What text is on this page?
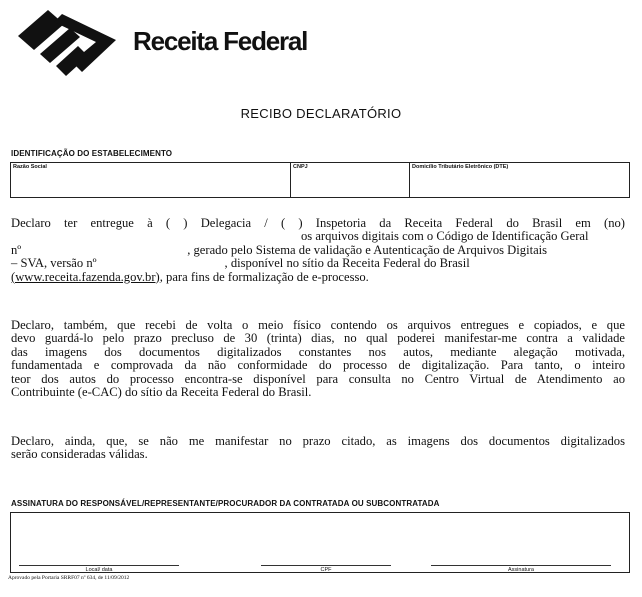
Receita Federal
RECIBO DECLARATÓRIO
IDENTIFICAÇÃO DO ESTABELECIMENTO
Razão Social	CNPJ	Domicílio Tributário Eletrônico (DTE)
Declaro ter entregue à ( ) Delegacia / ( ) Inspetoria da Receita Federal do Brasil em (no)
os arquivos digitais com o Código de Identificação Geral
nº	, gerado pelo Sistema de validação e Autenticação de Arquivos Digitais
– SVA, versão nº	, disponível no sítio da Receita Federal do Brasil
(www.receita.fazenda.gov.br), para fins de formalização de e-processo.
Declaro, também, que recebi de volta o meio físico contendo os arquivos entregues e copiados, e que
devo guardá-lo pelo prazo precluso de 30 (trinta) dias, no qual poderei manifestar-me contra a validade
das imagens dos documentos digitalizados constantes nos autos, mediante alegação motivada,
fundamentada e comprovada da não conformidade do processo de digitalização. Para tanto, o inteiro
teor dos autos do processo encontra-se disponível para consulta no Centro Virtual de Atendimento ao
Contribuinte (e-CAC) do sítio da Receita Federal do Brasil.
Declaro, ainda, que, se não me manifestar no prazo citado, as imagens dos documentos digitalizados
serão consideradas válidas.
ASSINATURA DO RESPONSÁVEL/REPRESENTANTE/PROCURADOR DA CONTRATADA OU SUBCONTRATADA
Local/ data	CPF	Assinatura
Aprovado pela Portaria SRRF07 nº 634, de 11/09/2012
